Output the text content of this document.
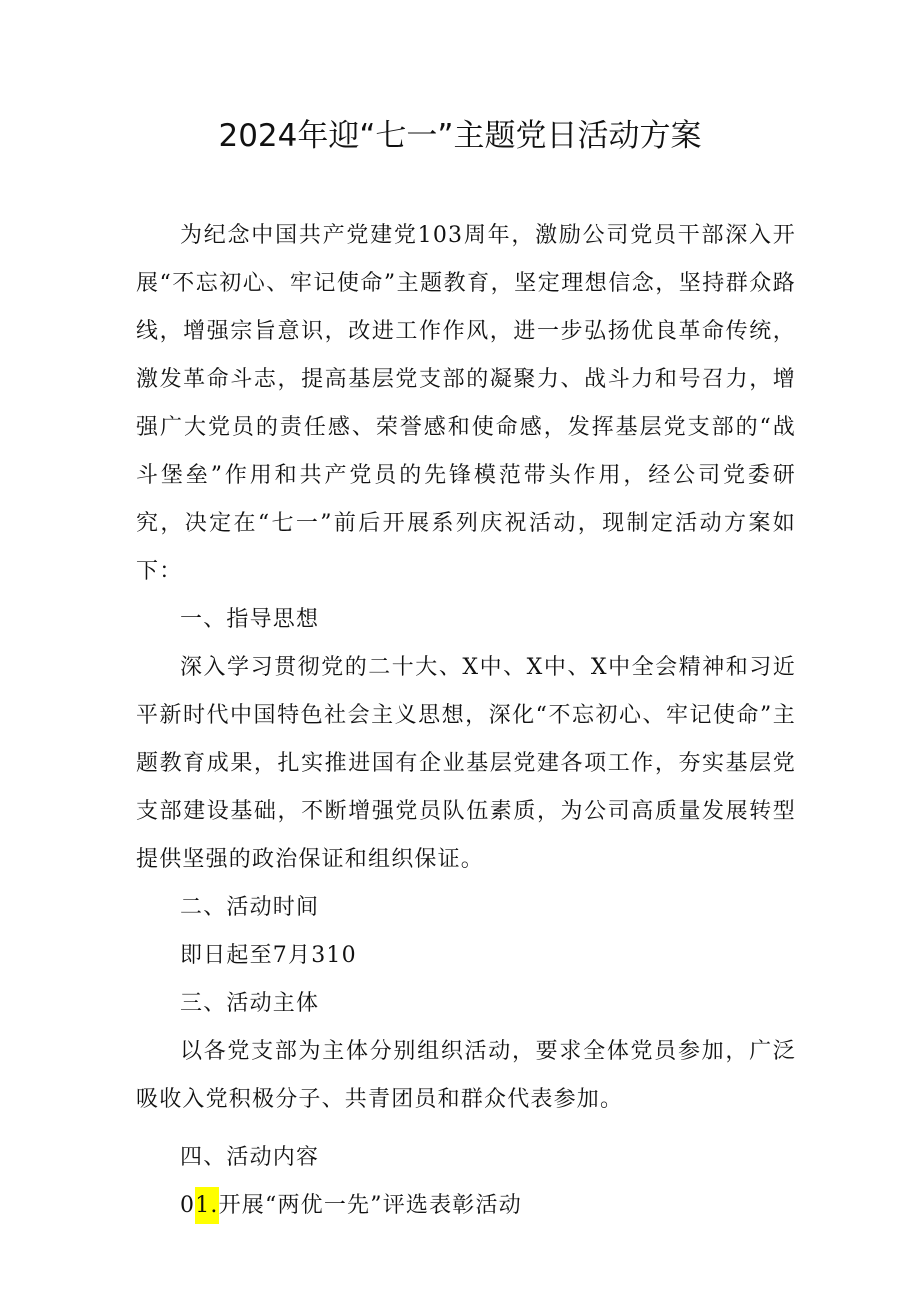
2024年迎“七一”主题党日活动方案

为纪念中国共产党建党103周年，激励公司党员干部深入开展“不忘初心、牢记使命”主题教育，坚定理想信念，坚持群众路线，增强宗旨意识，改进工作作风，进一步弘扬优良革命传统，激发革命斗志，提高基层党支部的凝聚力、战斗力和号召力，增强广大党员的责任感、荣誉感和使命感，发挥基层党支部的“战斗堡垒”作用和共产党员的先锋模范带头作用，经公司党委研究，决定在“七一”前后开展系列庆祝活动，现制定活动方案如下：

一、指导思想

深入学习贯彻党的二十大、X中、X中、X中全会精神和习近平新时代中国特色社会主义思想，深化“不忘初心、牢记使命”主题教育成果，扎实推进国有企业基层党建各项工作，夯实基层党支部建设基础，不断增强党员队伍素质，为公司高质量发展转型提供坚强的政治保证和组织保证。

二、活动时间

即日起至7月310

三、活动主体

以各党支部为主体分别组织活动，要求全体党员参加，广泛吸收入党积极分子、共青团员和群众代表参加。

四、活动内容

01.开展“两优一先”评选表彰活动
